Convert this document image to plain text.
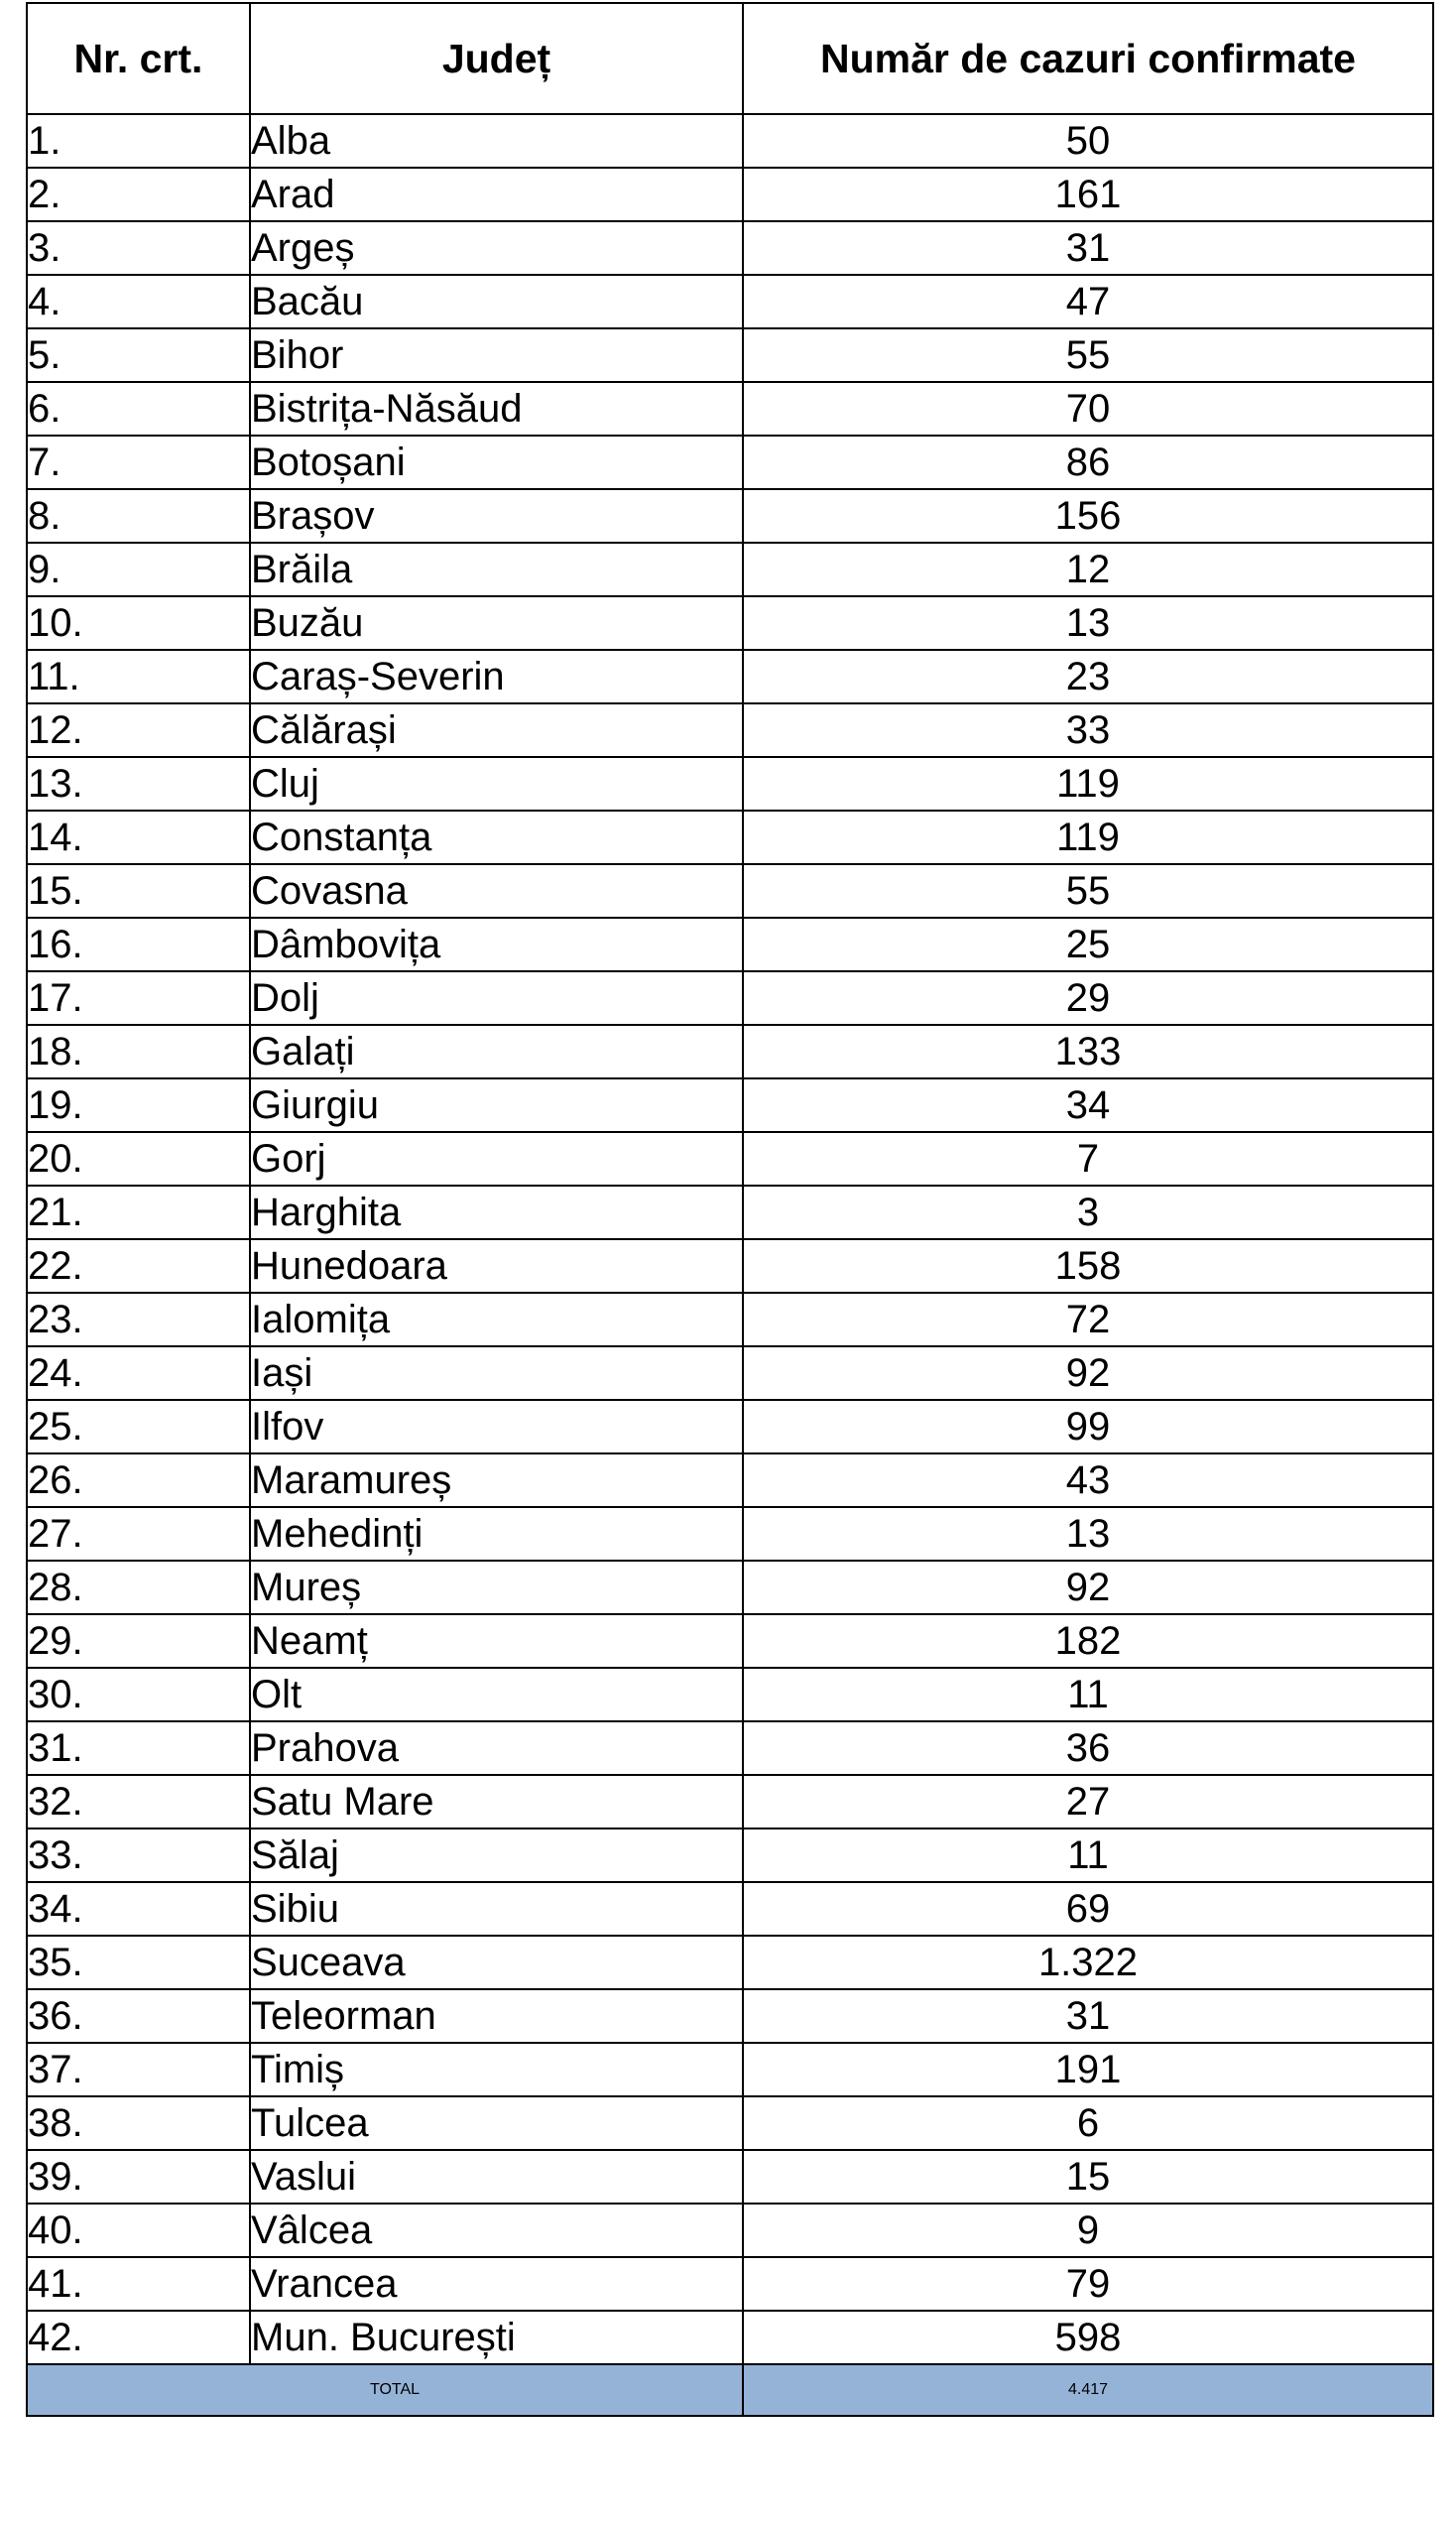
Nr. crt.	Județ	Număr de cazuri confirmate
1.	Alba	50
2.	Arad	161
3.	Argeș	31
4.	Bacău	47
5.	Bihor	55
6.	Bistrița-Năsăud	70
7.	Botoșani	86
8.	Brașov	156
9.	Brăila	12
10.	Buzău	13
11.	Caraș-Severin	23
12.	Călărași	33
13.	Cluj	119
14.	Constanța	119
15.	Covasna	55
16.	Dâmbovița	25
17.	Dolj	29
18.	Galați	133
19.	Giurgiu	34
20.	Gorj	7
21.	Harghita	3
22.	Hunedoara	158
23.	Ialomița	72
24.	Iași	92
25.	Ilfov	99
26.	Maramureș	43
27.	Mehedinți	13
28.	Mureș	92
29.	Neamț	182
30.	Olt	11
31.	Prahova	36
32.	Satu Mare	27
33.	Sălaj	11
34.	Sibiu	69
35.	Suceava	1.322
36.	Teleorman	31
37.	Timiș	191
38.	Tulcea	6
39.	Vaslui	15
40.	Vâlcea	9
41.	Vrancea	79
42.	Mun. București	598
TOTAL		4.417
